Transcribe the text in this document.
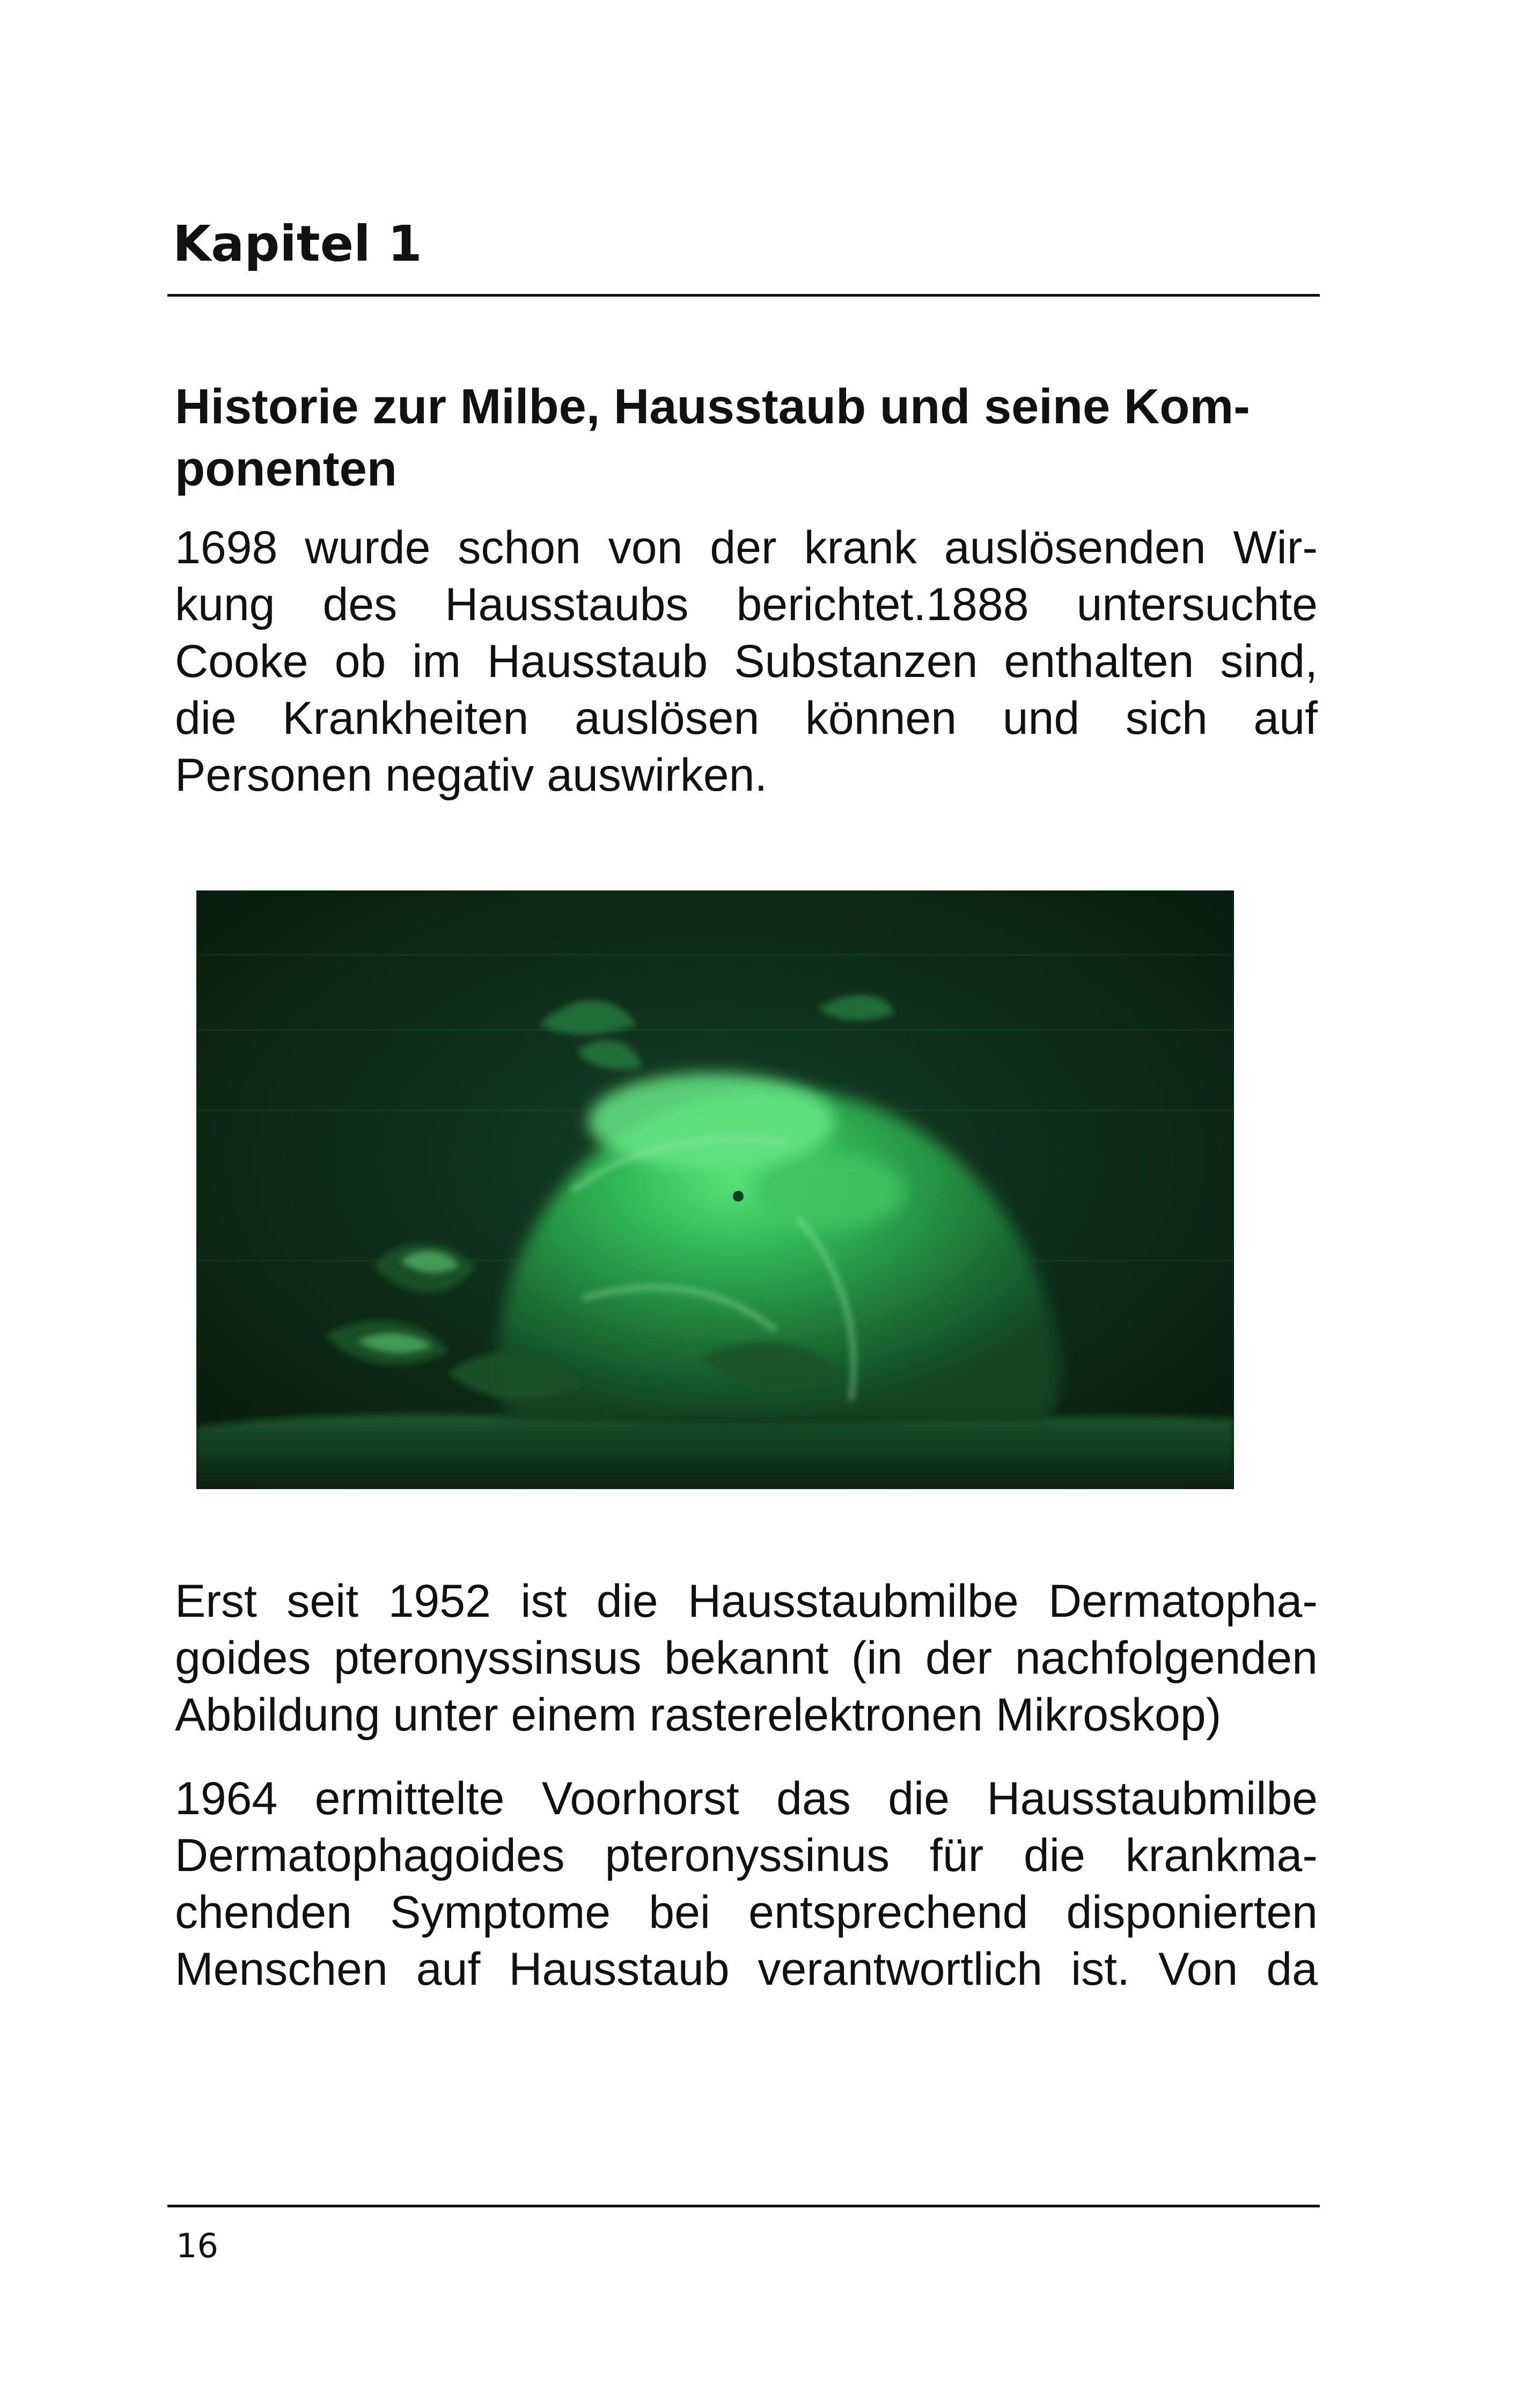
Kapitel 1
Historie zur Milbe, Hausstaub und seine Kom-
ponenten

1698 wurde schon von der krank auslösenden Wir-
kung des Hausstaubs berichtet.1888 untersuchte
Cooke ob im Hausstaub Substanzen enthalten sind,
die Krankheiten auslösen können und sich auf
Personen negativ auswirken.

Erst seit 1952 ist die Hausstaubmilbe Dermatopha-
goides pteronyssinsus bekannt (in der nachfolgenden
Abbildung unter einem rasterelektronen Mikroskop)

1964 ermittelte Voorhorst das die Hausstaubmilbe
Dermatophagoides pteronyssinus für die krankma-
chenden Symptome bei entsprechend disponierten
Menschen auf Hausstaub verantwortlich ist. Von da

16
